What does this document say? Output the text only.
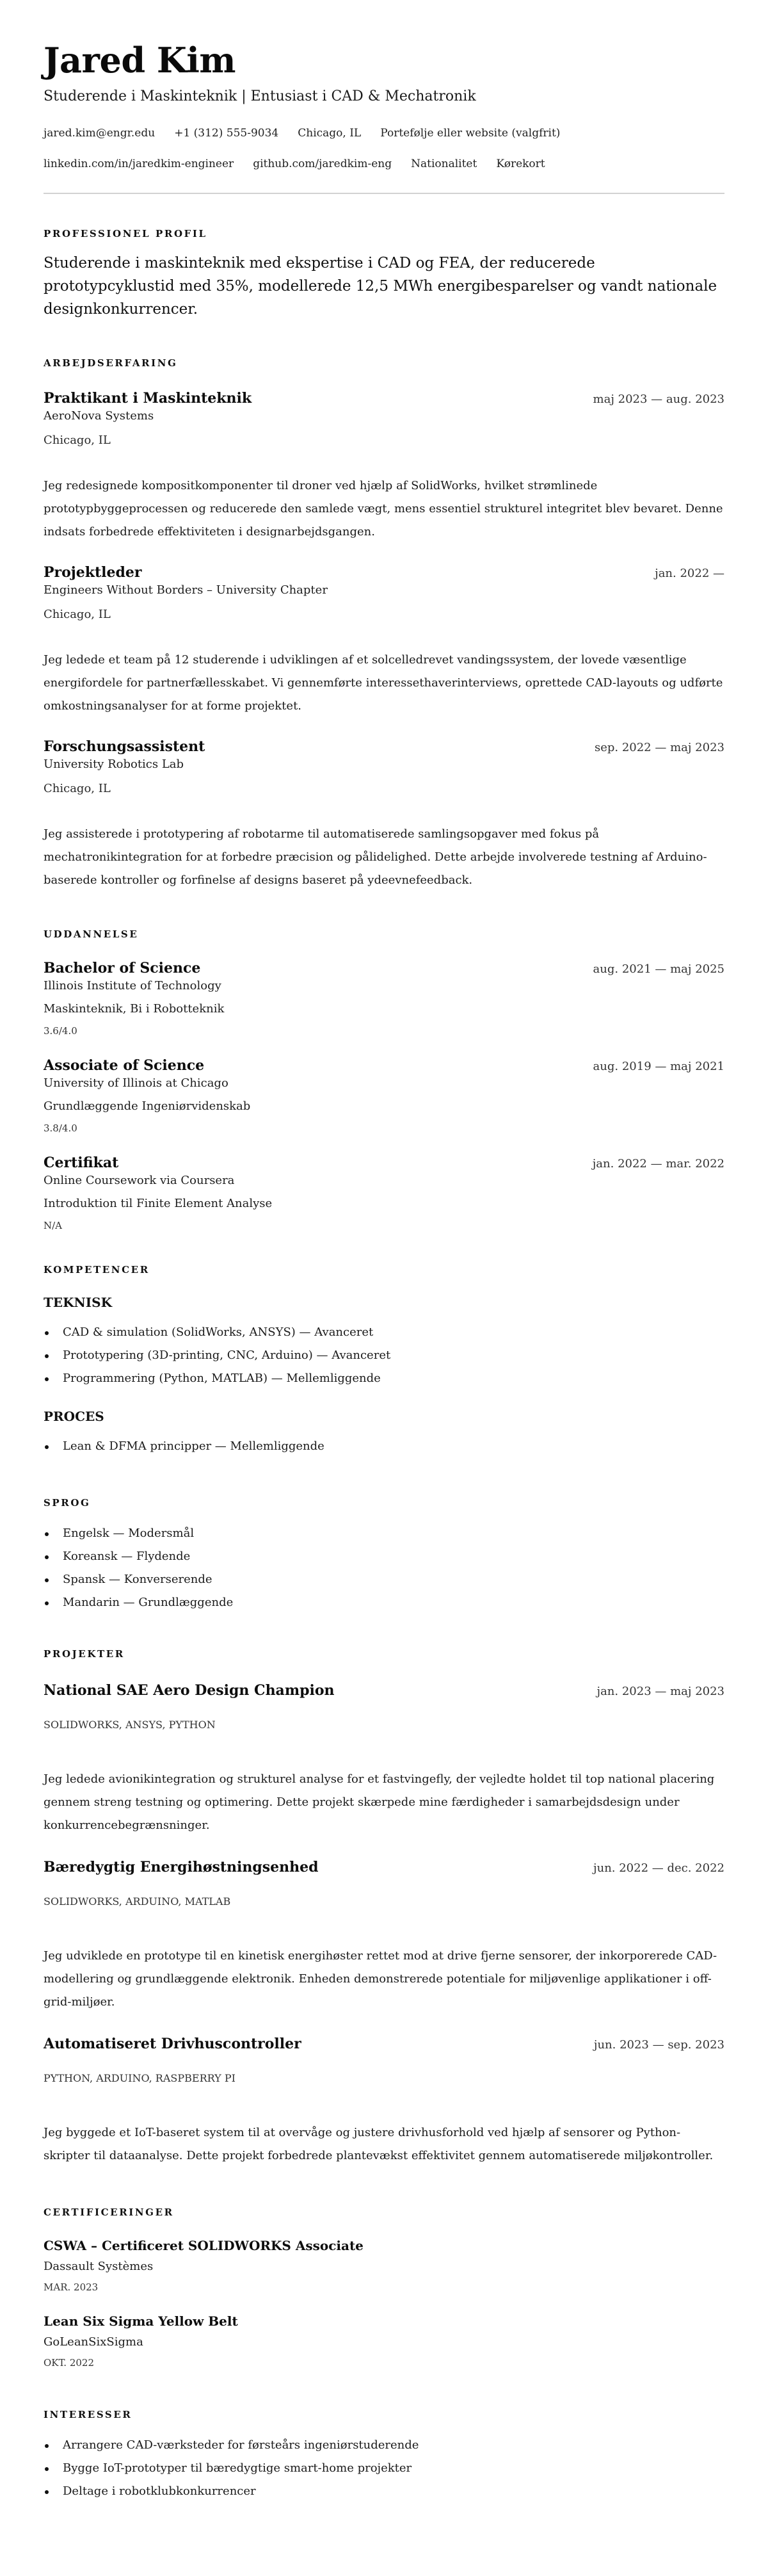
Jared Kim
Studerende i Maskinteknik | Entusiast i CAD & Mechatronik
jared.kim@engr.edu +1 (312) 555-9034 Chicago, IL Portefølje eller website (valgfrit)
linkedin.com/in/jaredkim-engineer github.com/jaredkim-eng Nationalitet Kørekort
PROFESSIONEL PROFIL

Studerende i maskinteknik med ekspertise i CAD og FEA, der reducerede prototypcyklustid med 35%, modellerede 12,5 MWh energibesparelser og vandt nationale designkonkurrencer.

ARBEJDSERFARING
Praktikant i Maskinteknik	maj 2023 — aug. 2023
AeroNova Systems
Chicago, IL

Jeg redesignede kompositkomponenter til droner ved hjælp af SolidWorks, hvilket strømlinede prototypbyggeprocessen og reducerede den samlede vægt, mens essentiel strukturel integritet blev bevaret. Denne indsats forbedrede effektiviteten i designarbejdsgangen.

Projektleder	jan. 2022 —
Engineers Without Borders – University Chapter
Chicago, IL

Jeg ledede et team på 12 studerende i udviklingen af et solcelledrevet vandingssystem, der lovede væsentlige energifordele for partnerfællesskabet. Vi gennemførte interessethaverinterviews, oprettede CAD-layouts og udførte omkostningsanalyser for at forme projektet.

Forschungsassistent	sep. 2022 — maj 2023
University Robotics Lab
Chicago, IL

Jeg assisterede i prototypering af robotarme til automatiserede samlingsopgaver med fokus på mechatronikintegration for at forbedre præcision og pålidelighed. Dette arbejde involverede testning af Arduino-baserede kontroller og forfinelse af designs baseret på ydeevnefeedback.

UDDANNELSE
Bachelor of Science	aug. 2021 — maj 2025
Illinois Institute of Technology
Maskinteknik, Bi i Robotteknik
3.6/4.0
Associate of Science	aug. 2019 — maj 2021
University of Illinois at Chicago
Grundlæggende Ingeniørvidenskab
3.8/4.0
Certifikat	jan. 2022 — mar. 2022
Online Coursework via Coursera
Introduktion til Finite Element Analyse
N/A
KOMPETENCER
TEKNISK
CAD & simulation (SolidWorks, ANSYS) — Avanceret
Prototypering (3D-printing, CNC, Arduino) — Avanceret
Programmering (Python, MATLAB) — Mellemliggende
PROCES
Lean & DFMA principper — Mellemliggende
SPROG
Engelsk — Modersmål
Koreansk — Flydende
Spansk — Konverserende
Mandarin — Grundlæggende
PROJEKTER
National SAE Aero Design Champion	jan. 2023 — maj 2023
SOLIDWORKS, ANSYS, PYTHON

Jeg ledede avionikintegration og strukturel analyse for et fastvingefly, der vejledte holdet til top national placering gennem streng testning og optimering. Dette projekt skærpede mine færdigheder i samarbejdsdesign under konkurrencebegrænsninger.

Bæredygtig Energihøstningsenhed	jun. 2022 — dec. 2022
SOLIDWORKS, ARDUINO, MATLAB

Jeg udviklede en prototype til en kinetisk energihøster rettet mod at drive fjerne sensorer, der inkorporerede CAD-modellering og grundlæggende elektronik. Enheden demonstrerede potentiale for miljøvenlige applikationer i off-grid-miljøer.

Automatiseret Drivhuscontroller	jun. 2023 — sep. 2023
PYTHON, ARDUINO, RASPBERRY PI

Jeg byggede et IoT-baseret system til at overvåge og justere drivhusforhold ved hjælp af sensorer og Python-skripter til dataanalyse. Dette projekt forbedrede plantevækst effektivitet gennem automatiserede miljøkontroller.

CERTIFICERINGER
CSWA – Certificeret SOLIDWORKS Associate
Dassault Systèmes
MAR. 2023
Lean Six Sigma Yellow Belt
GoLeanSixSigma
OKT. 2022
INTERESSER
Arrangere CAD-værksteder for førsteårs ingeniørstuderende
Bygge IoT-prototyper til bæredygtige smart-home projekter
Deltage i robotklubkonkurrencer
